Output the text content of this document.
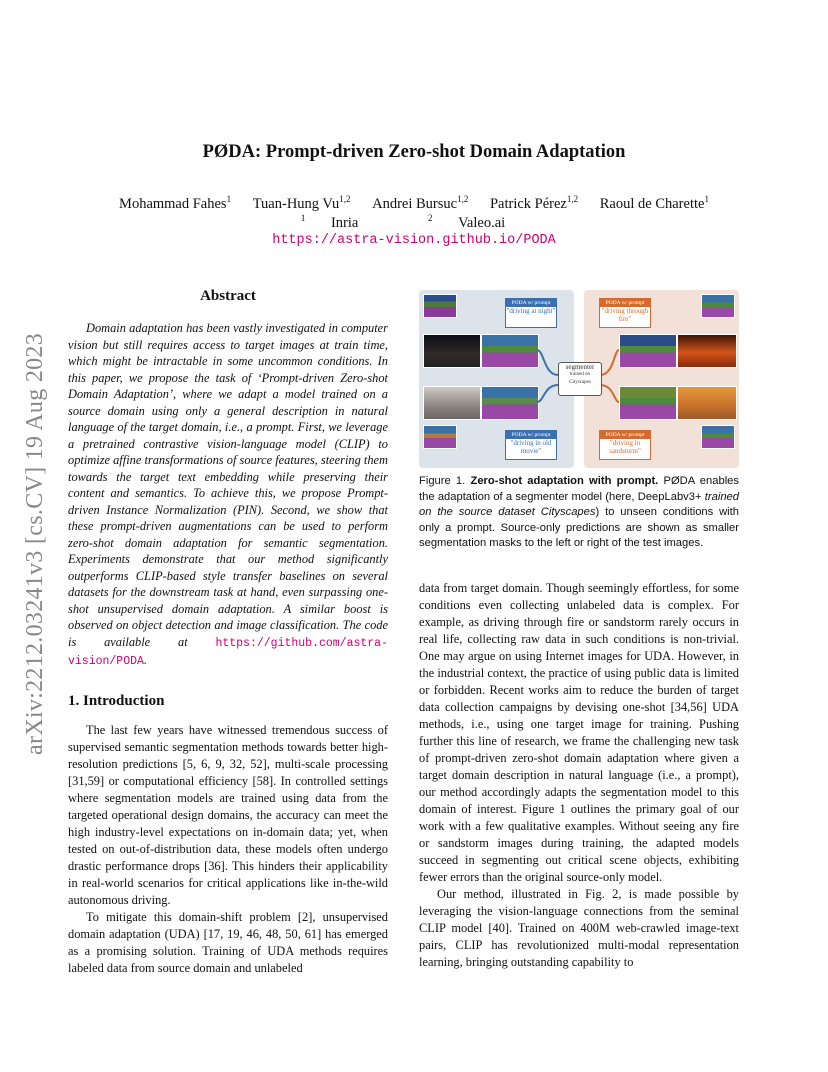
PØDA: Prompt-driven Zero-shot Domain Adaptation
Mohammad Fahes$^1$ Tuan-Hung Vu$^{1,2}$ Andrei Bursuc$^{1,2}$ Patrick Pérez$^{1,2}$ Raoul de Charette$^1$
$^1$ Inria	$^2$ Valeo.ai
https://astra-vision.github.io/PODA
arXiv:2212.03241v3 [cs.CV] 19 Aug 2023
Abstract

Domain adaptation has been vastly investigated in computer vision but still requires access to target images at train time, which might be intractable in some uncommon conditions. In this paper, we propose the task of ‘Prompt-driven Zero-shot Domain Adaptation’, where we adapt a model trained on a source domain using only a general description in natural language of the target domain, i.e., a prompt. First, we leverage a pretrained contrastive vision-language model (CLIP) to optimize affine transformations of source features, steering them towards the target text embedding while preserving their content and semantics. To achieve this, we propose Prompt-driven Instance Normalization (PIN). Second, we show that these prompt-driven augmentations can be used to perform zero-shot domain adaptation for semantic segmentation. Experiments demonstrate that our method significantly outperforms CLIP-based style transfer baselines on several datasets for the downstream task at hand, even surpassing one-shot unsupervised domain adaptation. A similar boost is observed on object detection and image classification. The code is available at https://github.com/astra-vision/PODA.

PODA w/ prompt
"driving at night"
PODA w/ prompt
"driving in old movie"
PODA w/ prompt
"driving through fire"
PODA w/ prompt
"driving in sandstorm"
segmenter
trained on Cityscapes
Figure 1. Zero-shot adaptation with prompt. PØDA enables the adaptation of a segmenter model (here, DeepLabv3+ trained on the source dataset Cityscapes) to unseen conditions with only a prompt. Source-only predictions are shown as smaller segmentation masks to the left or right of the test images.
1. Introduction

The last few years have witnessed tremendous success of supervised semantic segmentation methods towards better high-resolution predictions [5, 6, 9, 32, 52], multi-scale processing [31,59] or computational efficiency [58]. In controlled settings where segmentation models are trained using data from the targeted operational design domains, the accuracy can meet the high industry-level expectations on in-domain data; yet, when tested on out-of-distribution data, these models often undergo drastic performance drops [36]. This hinders their applicability in real-world scenarios for critical applications like in-the-wild autonomous driving.

To mitigate this domain-shift problem [2], unsupervised domain adaptation (UDA) [17, 19, 46, 48, 50, 61] has emerged as a promising solution. Training of UDA methods requires labeled data from source domain and unlabeled

data from target domain. Though seemingly effortless, for some conditions even collecting unlabeled data is complex. For example, as driving through fire or sandstorm rarely occurs in real life, collecting raw data in such conditions is non-trivial. One may argue on using Internet images for UDA. However, in the industrial context, the practice of using public data is limited or forbidden. Recent works aim to reduce the burden of target data collection campaigns by devising one-shot [34,56] UDA methods, i.e., using one target image for training. Pushing further this line of research, we frame the challenging new task of prompt-driven zero-shot domain adaptation where given a target domain description in natural language (i.e., a prompt), our method accordingly adapts the segmentation model to this domain of interest. Figure 1 outlines the primary goal of our work with a few qualitative examples. Without seeing any fire or sandstorm images during training, the adapted models succeed in segmenting out critical scene objects, exhibiting fewer errors than the original source-only model.

Our method, illustrated in Fig. 2, is made possible by leveraging the vision-language connections from the seminal CLIP model [40]. Trained on 400M web-crawled image-text pairs, CLIP has revolutionized multi-modal representation learning, bringing outstanding capability to
